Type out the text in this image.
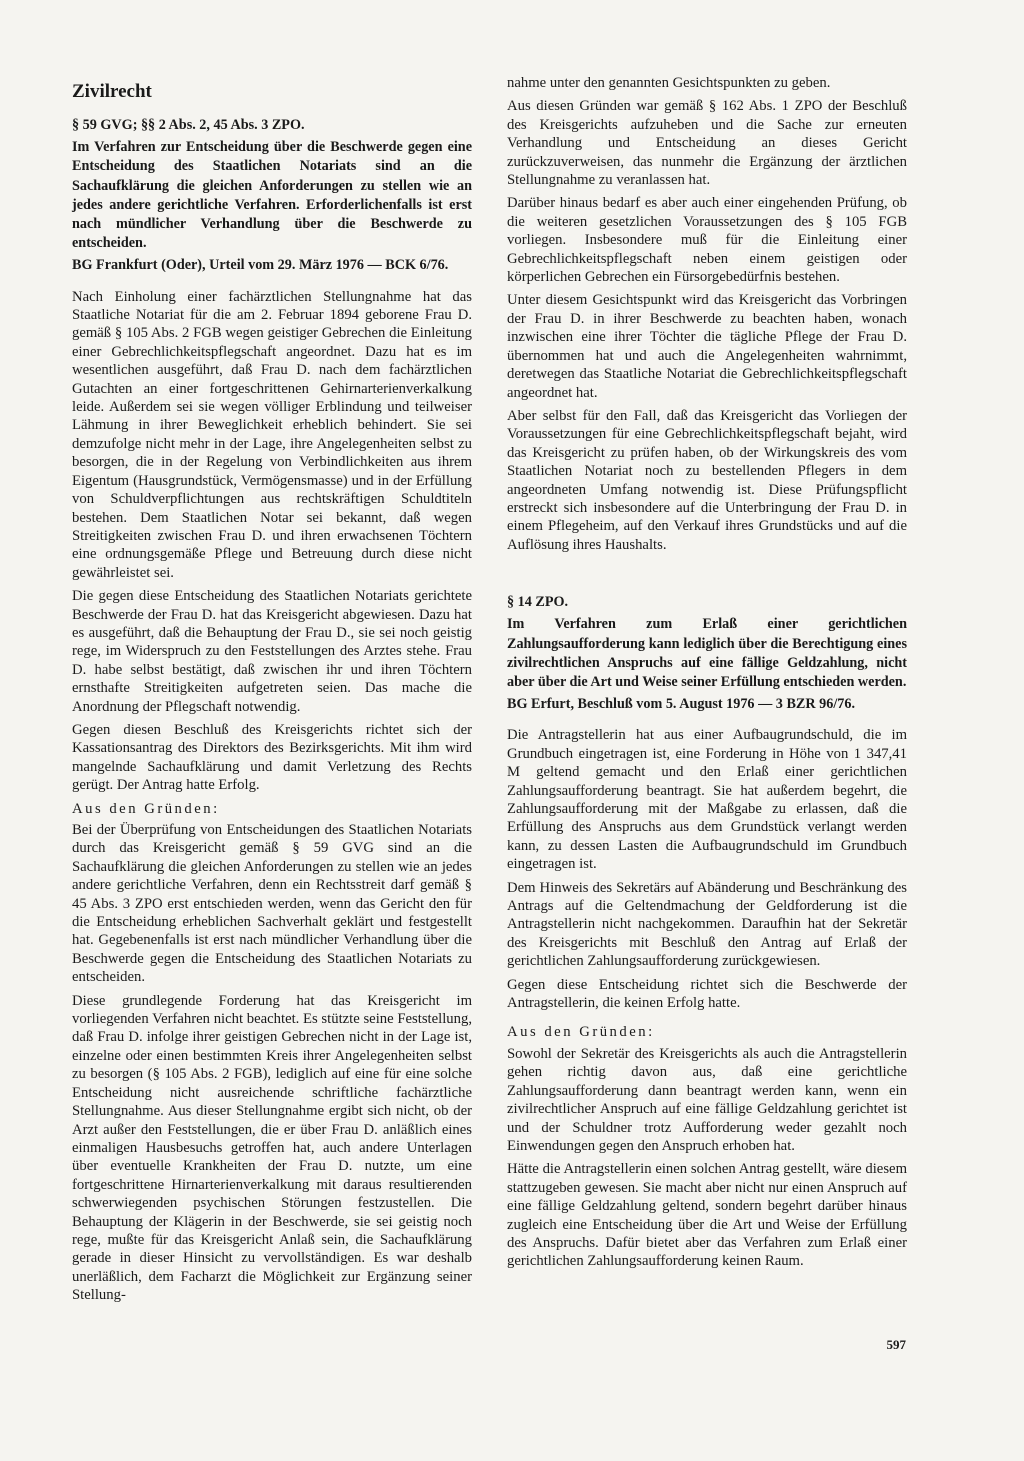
Zivilrecht

§ 59 GVG; §§ 2 Abs. 2, 45 Abs. 3 ZPO.

Im Verfahren zur Entscheidung über die Beschwerde gegen eine Entscheidung des Staatlichen Notariats sind an die Sachaufklärung die gleichen Anforderungen zu stellen wie an jedes andere gerichtliche Verfahren. Erforderlichenfalls ist erst nach mündlicher Verhandlung über die Beschwerde zu entscheiden.

BG Frankfurt (Oder), Urteil vom 29. März 1976 — BCK 6/76.

Nach Einholung einer fachärztlichen Stellungnahme hat das Staatliche Notariat für die am 2. Februar 1894 geborene Frau D. gemäß § 105 Abs. 2 FGB wegen geistiger Gebrechen die Einleitung einer Gebrechlichkeitspflegschaft angeordnet. Dazu hat es im wesentlichen ausgeführt, daß Frau D. nach dem fachärztlichen Gutachten an einer fortgeschrittenen Gehirnarterienverkalkung leide. Außerdem sei sie wegen völliger Erblindung und teilweiser Lähmung in ihrer Beweglichkeit erheblich behindert. Sie sei demzufolge nicht mehr in der Lage, ihre Angelegenheiten selbst zu besorgen, die in der Regelung von Verbindlichkeiten aus ihrem Eigentum (Hausgrundstück, Vermögensmasse) und in der Erfüllung von Schuldverpflichtungen aus rechtskräftigen Schuldtiteln bestehen. Dem Staatlichen Notar sei bekannt, daß wegen Streitigkeiten zwischen Frau D. und ihren erwachsenen Töchtern eine ordnungsgemäße Pflege und Betreuung durch diese nicht gewährleistet sei.

Die gegen diese Entscheidung des Staatlichen Notariats gerichtete Beschwerde der Frau D. hat das Kreisgericht abgewiesen. Dazu hat es ausgeführt, daß die Behauptung der Frau D., sie sei noch geistig rege, im Widerspruch zu den Feststellungen des Arztes stehe. Frau D. habe selbst bestätigt, daß zwischen ihr und ihren Töchtern ernsthafte Streitigkeiten aufgetreten seien. Das mache die Anordnung der Pflegschaft notwendig.

Gegen diesen Beschluß des Kreisgerichts richtet sich der Kassationsantrag des Direktors des Bezirksgerichts. Mit ihm wird mangelnde Sachaufklärung und damit Verletzung des Rechts gerügt. Der Antrag hatte Erfolg.

Aus den Gründen:

Bei der Überprüfung von Entscheidungen des Staatlichen Notariats durch das Kreisgericht gemäß § 59 GVG sind an die Sachaufklärung die gleichen Anforderungen zu stellen wie an jedes andere gerichtliche Verfahren, denn ein Rechtsstreit darf gemäß § 45 Abs. 3 ZPO erst entschieden werden, wenn das Gericht den für die Entscheidung erheblichen Sachverhalt geklärt und festgestellt hat. Gegebenenfalls ist erst nach mündlicher Verhandlung über die Beschwerde gegen die Entscheidung des Staatlichen Notariats zu entscheiden.

Diese grundlegende Forderung hat das Kreisgericht im vorliegenden Verfahren nicht beachtet. Es stützte seine Feststellung, daß Frau D. infolge ihrer geistigen Gebrechen nicht in der Lage ist, einzelne oder einen bestimmten Kreis ihrer Angelegenheiten selbst zu besorgen (§ 105 Abs. 2 FGB), lediglich auf eine für eine solche Entscheidung nicht ausreichende schriftliche fachärztliche Stellungnahme. Aus dieser Stellungnahme ergibt sich nicht, ob der Arzt außer den Feststellungen, die er über Frau D. anläßlich eines einmaligen Hausbesuchs getroffen hat, auch andere Unterlagen über eventuelle Krankheiten der Frau D. nutzte, um eine fortgeschrittene Hirnarterienverkalkung mit daraus resultierenden schwerwiegenden psychischen Störungen festzustellen. Die Behauptung der Klägerin in der Beschwerde, sie sei geistig noch rege, mußte für das Kreisgericht Anlaß sein, die Sachaufklärung gerade in dieser Hinsicht zu vervollständigen. Es war deshalb unerläßlich, dem Facharzt die Möglichkeit zur Ergänzung seiner Stellung-

nahme unter den genannten Gesichtspunkten zu geben.

Aus diesen Gründen war gemäß § 162 Abs. 1 ZPO der Beschluß des Kreisgerichts aufzuheben und die Sache zur erneuten Verhandlung und Entscheidung an dieses Gericht zurückzuverweisen, das nunmehr die Ergänzung der ärztlichen Stellungnahme zu veranlassen hat.

Darüber hinaus bedarf es aber auch einer eingehenden Prüfung, ob die weiteren gesetzlichen Voraussetzungen des § 105 FGB vorliegen. Insbesondere muß für die Einleitung einer Gebrechlichkeitspflegschaft neben einem geistigen oder körperlichen Gebrechen ein Fürsorgebedürfnis bestehen.

Unter diesem Gesichtspunkt wird das Kreisgericht das Vorbringen der Frau D. in ihrer Beschwerde zu beachten haben, wonach inzwischen eine ihrer Töchter die tägliche Pflege der Frau D. übernommen hat und auch die Angelegenheiten wahrnimmt, deretwegen das Staatliche Notariat die Gebrechlichkeitspflegschaft angeordnet hat.

Aber selbst für den Fall, daß das Kreisgericht das Vorliegen der Voraussetzungen für eine Gebrechlichkeitspflegschaft bejaht, wird das Kreisgericht zu prüfen haben, ob der Wirkungskreis des vom Staatlichen Notariat noch zu bestellenden Pflegers in dem angeordneten Umfang notwendig ist. Diese Prüfungspflicht erstreckt sich insbesondere auf die Unterbringung der Frau D. in einem Pflegeheim, auf den Verkauf ihres Grundstücks und auf die Auflösung ihres Haushalts.

§ 14 ZPO.

Im Verfahren zum Erlaß einer gerichtlichen Zahlungsaufforderung kann lediglich über die Berechtigung eines zivilrechtlichen Anspruchs auf eine fällige Geldzahlung, nicht aber über die Art und Weise seiner Erfüllung entschieden werden.

BG Erfurt, Beschluß vom 5. August 1976 — 3 BZR 96/76.

Die Antragstellerin hat aus einer Aufbaugrundschuld, die im Grundbuch eingetragen ist, eine Forderung in Höhe von 1 347,41 M geltend gemacht und den Erlaß einer gerichtlichen Zahlungsaufforderung beantragt. Sie hat außerdem begehrt, die Zahlungsaufforderung mit der Maßgabe zu erlassen, daß die Erfüllung des Anspruchs aus dem Grundstück verlangt werden kann, zu dessen Lasten die Aufbaugrundschuld im Grundbuch eingetragen ist.

Dem Hinweis des Sekretärs auf Abänderung und Beschränkung des Antrags auf die Geltendmachung der Geldforderung ist die Antragstellerin nicht nachgekommen. Daraufhin hat der Sekretär des Kreisgerichts mit Beschluß den Antrag auf Erlaß der gerichtlichen Zahlungsaufforderung zurückgewiesen.

Gegen diese Entscheidung richtet sich die Beschwerde der Antragstellerin, die keinen Erfolg hatte.

Aus den Gründen:

Sowohl der Sekretär des Kreisgerichts als auch die Antragstellerin gehen richtig davon aus, daß eine gerichtliche Zahlungsaufforderung dann beantragt werden kann, wenn ein zivilrechtlicher Anspruch auf eine fällige Geldzahlung gerichtet ist und der Schuldner trotz Aufforderung weder gezahlt noch Einwendungen gegen den Anspruch erhoben hat.

Hätte die Antragstellerin einen solchen Antrag gestellt, wäre diesem stattzugeben gewesen. Sie macht aber nicht nur einen Anspruch auf eine fällige Geldzahlung geltend, sondern begehrt darüber hinaus zugleich eine Entscheidung über die Art und Weise der Erfüllung des Anspruchs. Dafür bietet aber das Verfahren zum Erlaß einer gerichtlichen Zahlungsaufforderung keinen Raum.

597
